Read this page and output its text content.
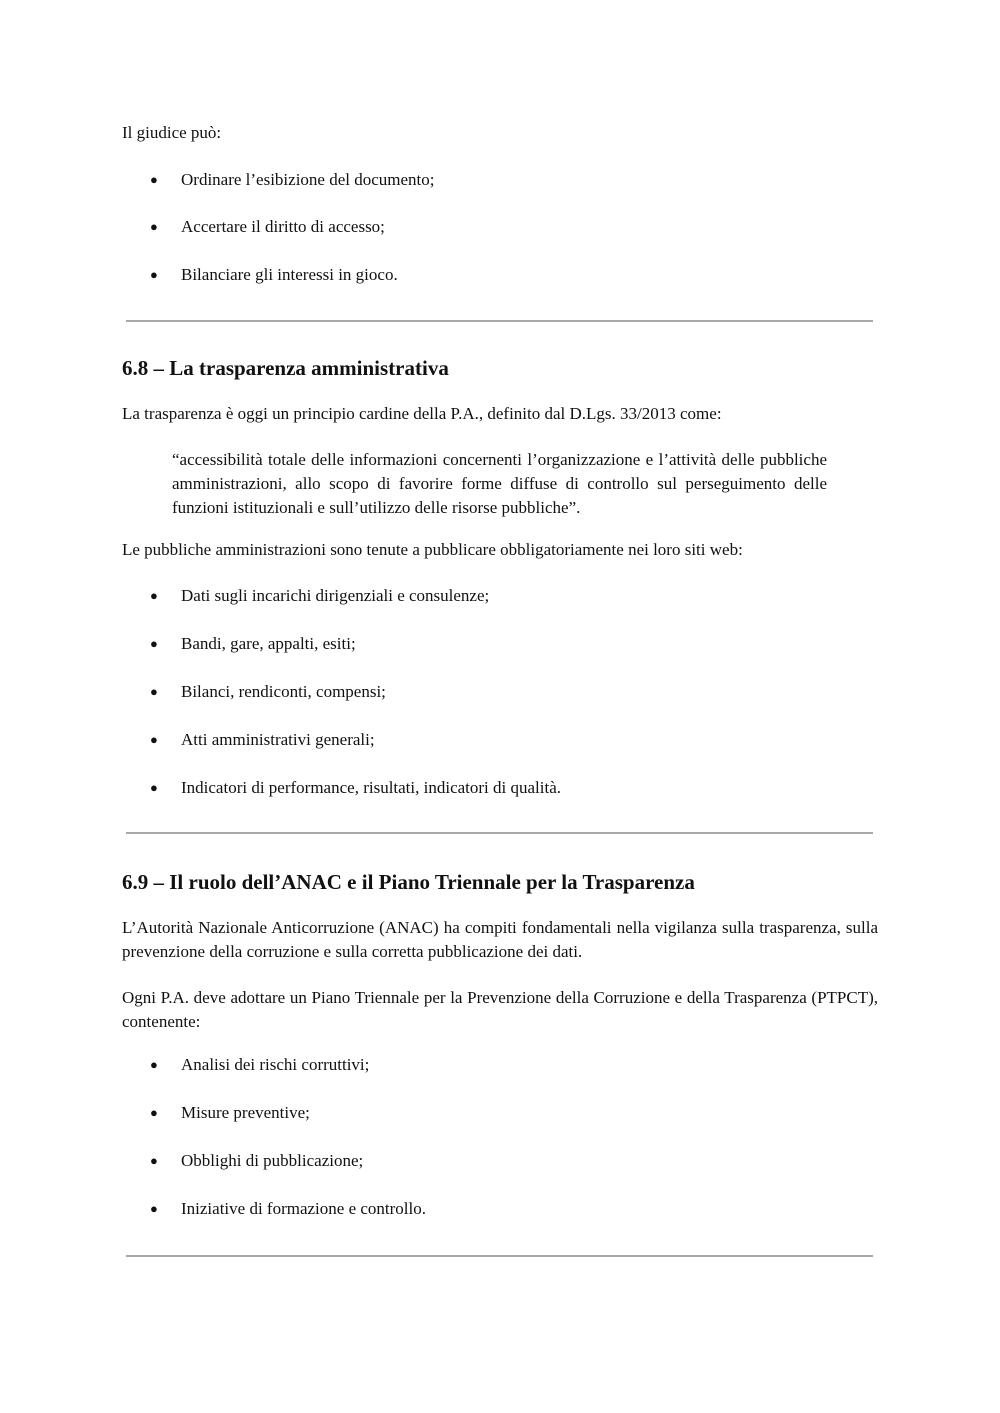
Il giudice può:

● Ordinare l’esibizione del documento;

● Accertare il diritto di accesso;

● Bilanciare gli interessi in gioco.

6.8 – La trasparenza amministrativa

La trasparenza è oggi un principio cardine della P.A., definito dal D.Lgs. 33/2013 come:

“accessibilità totale delle informazioni concernenti l’organizzazione e l’attività delle pubbliche amministrazioni, allo scopo di favorire forme diffuse di controllo sul perseguimento delle funzioni istituzionali e sull’utilizzo delle risorse pubbliche”.

Le pubbliche amministrazioni sono tenute a pubblicare obbligatoriamente nei loro siti web:

● Dati sugli incarichi dirigenziali e consulenze;

● Bandi, gare, appalti, esiti;

● Bilanci, rendiconti, compensi;

● Atti amministrativi generali;

● Indicatori di performance, risultati, indicatori di qualità.

6.9 – Il ruolo dell’ANAC e il Piano Triennale per la Trasparenza

L’Autorità Nazionale Anticorruzione (ANAC) ha compiti fondamentali nella vigilanza sulla trasparenza, sulla prevenzione della corruzione e sulla corretta pubblicazione dei dati.

Ogni P.A. deve adottare un Piano Triennale per la Prevenzione della Corruzione e della Trasparenza (PTPCT), contenente:

● Analisi dei rischi corruttivi;

● Misure preventive;

● Obblighi di pubblicazione;

● Iniziative di formazione e controllo.
